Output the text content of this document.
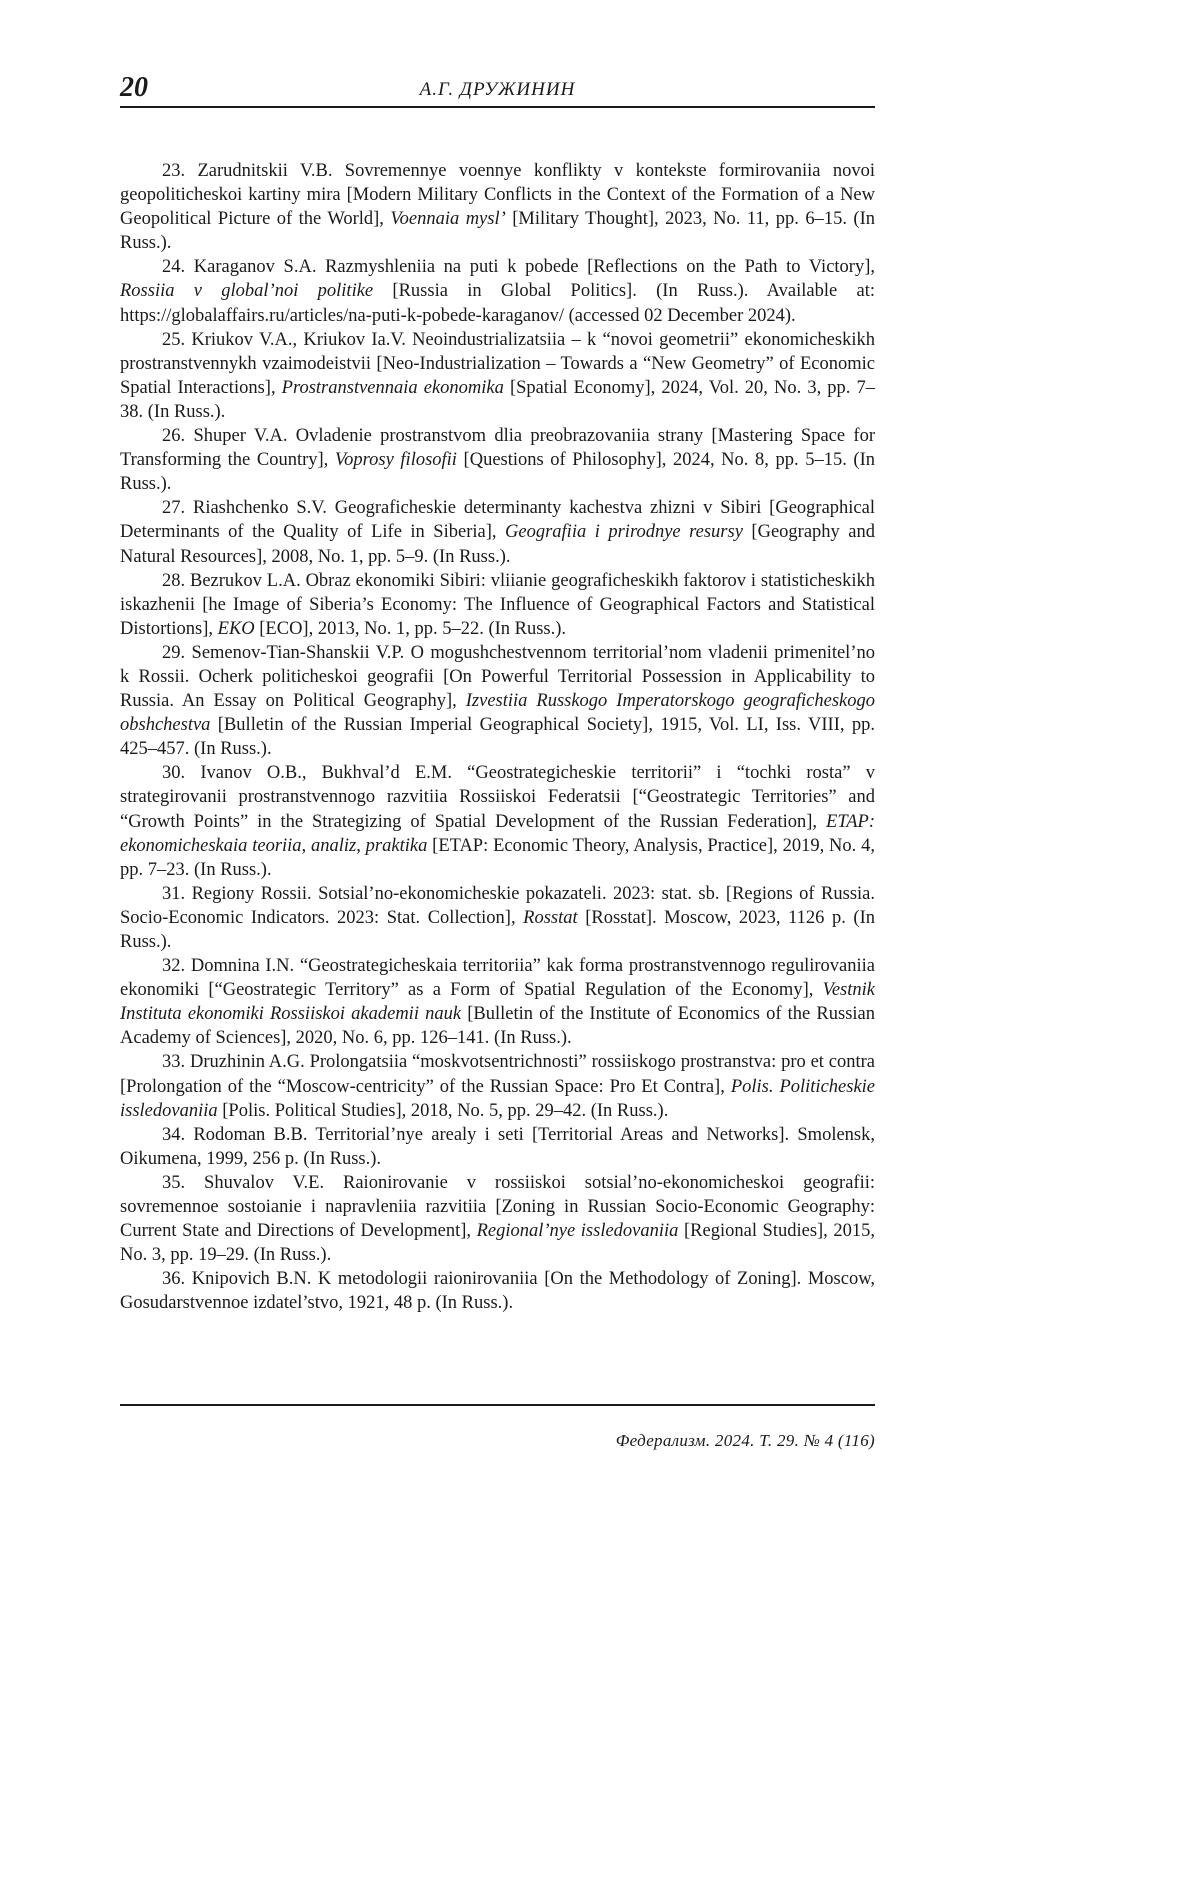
20	А.Г. ДРУЖИНИН

23. Zarudnitskii V.B. Sovremennye voennye konflikty v kontekste formirovaniia novoi geopoliticheskoi kartiny mira [Modern Military Conflicts in the Context of the Formation of a New Geopolitical Picture of the World], Voennaia mysl’ [Military Thought], 2023, No. 11, pp. 6–15. (In Russ.).

24. Karaganov S.A. Razmyshleniia na puti k pobede [Reflections on the Path to Victory], Rossiia v global’noi politike [Russia in Global Politics]. (In Russ.). Available at: https://globalaffairs.ru/articles/na-puti-k-pobede-karaganov/ (accessed 02 December 2024).

25. Kriukov V.A., Kriukov Ia.V. Neoindustrializatsiia – k “novoi geometrii” ekonomicheskikh prostranstvennykh vzaimodeistvii [Neo-Industrialization – Towards a “New Geometry” of Economic Spatial Interactions], Prostranstvennaia ekonomika [Spatial Economy], 2024, Vol. 20, No. 3, pp. 7–38. (In Russ.).

26. Shuper V.A. Ovladenie prostranstvom dlia preobrazovaniia strany [Mastering Space for Transforming the Country], Voprosy filosofii [Questions of Philosophy], 2024, No. 8, pp. 5–15. (In Russ.).

27. Riashchenko S.V. Geograficheskie determinanty kachestva zhizni v Sibiri [Geographical Determinants of the Quality of Life in Siberia], Geografiia i prirodnye resursy [Geography and Natural Resources], 2008, No. 1, pp. 5–9. (In Russ.).

28. Bezrukov L.A. Obraz ekonomiki Sibiri: vliianie geograficheskikh faktorov i statisticheskikh iskazhenii [he Image of Siberia’s Economy: The Influence of Geographical Factors and Statistical Distortions], EKO [ECO], 2013, No. 1, pp. 5–22. (In Russ.).

29. Semenov-Tian-Shanskii V.P. O mogushchestvennom territorial’nom vladenii primenitel’no k Rossii. Ocherk politicheskoi geografii [On Powerful Territorial Possession in Applicability to Russia. An Essay on Political Geography], Izvestiia Russkogo Imperatorskogo geograficheskogo obshchestva [Bulletin of the Russian Imperial Geographical Society], 1915, Vol. LI, Iss. VIII, pp. 425–457. (In Russ.).

30. Ivanov O.B., Bukhval’d E.M. “Geostrategicheskie territorii” i “tochki rosta” v strategirovanii prostranstvennogo razvitiia Rossiiskoi Federatsii [“Geostrategic Territories” and “Growth Points” in the Strategizing of Spatial Development of the Russian Federation], ETAP: ekonomicheskaia teoriia, analiz, praktika [ETAP: Economic Theory, Analysis, Practice], 2019, No. 4, pp. 7–23. (In Russ.).

31. Regiony Rossii. Sotsial’no-ekonomicheskie pokazateli. 2023: stat. sb. [Regions of Russia. Socio-Economic Indicators. 2023: Stat. Collection], Rosstat [Rosstat]. Moscow, 2023, 1126 p. (In Russ.).

32. Domnina I.N. “Geostrategicheskaia territoriia” kak forma prostranstvennogo regulirovaniia ekonomiki [“Geostrategic Territory” as a Form of Spatial Regulation of the Economy], Vestnik Instituta ekonomiki Rossiiskoi akademii nauk [Bulletin of the Institute of Economics of the Russian Academy of Sciences], 2020, No. 6, pp. 126–141. (In Russ.).

33. Druzhinin A.G. Prolongatsiia “moskvotsentrichnosti” rossiiskogo prostranstva: pro et contra [Prolongation of the “Moscow-centricity” of the Russian Space: Pro Et Contra], Polis. Politicheskie issledovaniia [Polis. Political Studies], 2018, No. 5, pp. 29–42. (In Russ.).

34. Rodoman B.B. Territorial’nye arealy i seti [Territorial Areas and Networks]. Smolensk, Oikumena, 1999, 256 p. (In Russ.).

35. Shuvalov V.E. Raionirovanie v rossiiskoi sotsial’no-ekonomicheskoi geografii: sovremennoe sostoianie i napravleniia razvitiia [Zoning in Russian Socio-Economic Geography: Current State and Directions of Development], Regional’nye issledovaniia [Regional Studies], 2015, No. 3, pp. 19–29. (In Russ.).

36. Knipovich B.N. K metodologii raionirovaniia [On the Methodology of Zoning]. Moscow, Gosudarstvennoe izdatel’stvo, 1921, 48 p. (In Russ.).

Федерализм. 2024. Т. 29. № 4 (116)
